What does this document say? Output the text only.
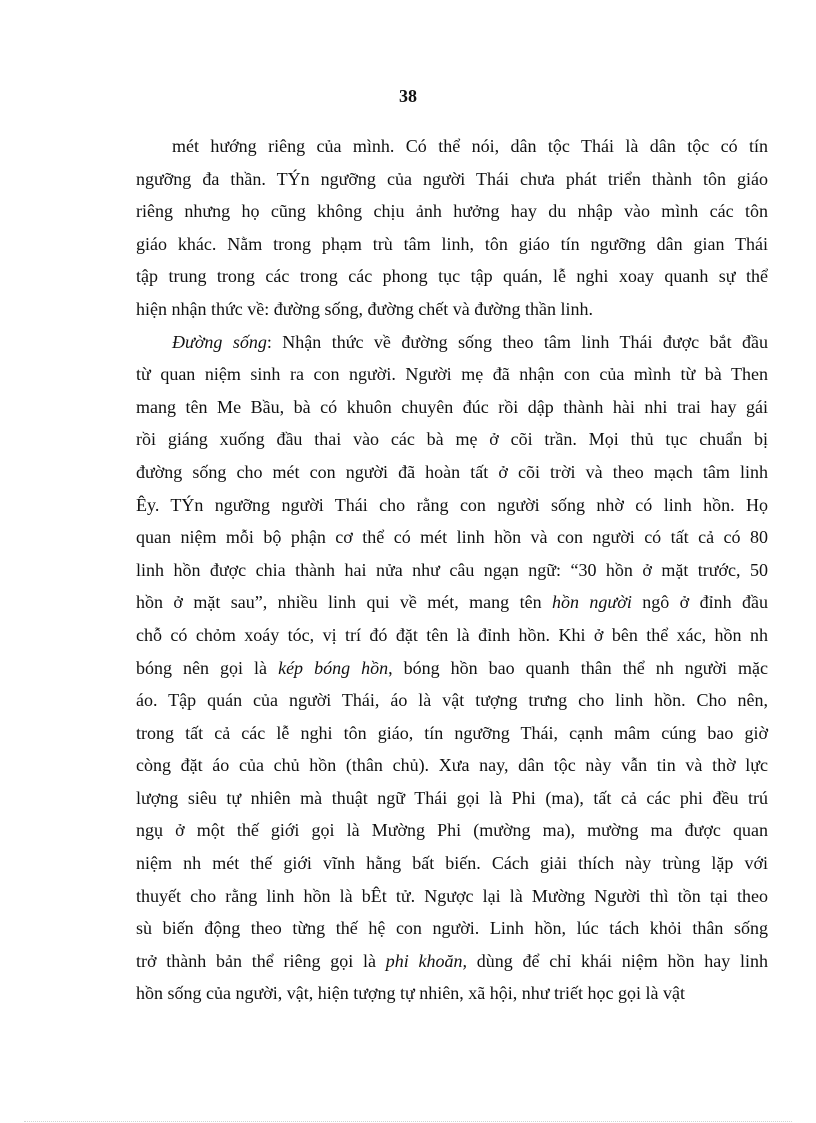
38
mét hướng riêng của mình. Có thể nói, dân tộc Thái là dân tộc có tín
ngưỡng đa thần. TÝn ngưỡng của người Thái chưa phát triển thành tôn giáo
riêng nhưng họ cũng không chịu ảnh hưởng hay du nhập vào mình các tôn
giáo khác. Nằm trong phạm trù tâm linh, tôn giáo tín ngưỡng dân gian Thái
tập trung trong các trong các phong tục tập quán, lễ nghi xoay quanh sự thể
hiện nhận thức về: đường sống, đường chết và đường thần linh.
Đường sống: Nhận thức về đường sống theo tâm linh Thái được bắt đầu
từ quan niệm sinh ra con người. Người mẹ đã nhận con của mình từ bà Then
mang tên Me Bầu, bà có khuôn chuyên đúc rồi dập thành hài nhi trai hay gái
rồi giáng xuống đầu thai vào các bà mẹ ở cõi trần. Mọi thủ tục chuẩn bị
đường sống cho mét con người đã hoàn tất ở cõi trời và theo mạch tâm linh
Êy. TÝn ngưỡng người Thái cho rằng con người sống nhờ có linh hồn. Họ
quan niệm mỗi bộ phận cơ thể có mét linh hồn và con người có tất cả có 80
linh hồn được chia thành hai nửa như câu ngạn ngữ: “30 hồn ở mặt trước, 50
hồn ở mặt sau”, nhiều linh qui về mét, mang tên hồn người ngô ở đỉnh đầu
chỗ có chỏm xoáy tóc, vị trí đó đặt tên là đỉnh hồn. Khi ở bên thể xác, hồn nh
bóng nên gọi là kép bóng hồn, bóng hồn bao quanh thân thể nh người mặc
áo. Tập quán của người Thái, áo là vật tượng trưng cho linh hồn. Cho nên,
trong tất cả các lễ nghi tôn giáo, tín ngưỡng Thái, cạnh mâm cúng bao giờ
còng đặt áo của chủ hồn (thân chủ). Xưa nay, dân tộc này vẫn tin và thờ lực
lượng siêu tự nhiên mà thuật ngữ Thái gọi là Phi (ma), tất cả các phi đều trú
ngụ ở một thế giới gọi là Mường Phi (mường ma), mường ma được quan
niệm nh mét thế giới vĩnh hằng bất biến. Cách giải thích này trùng lặp với
thuyết cho rằng linh hồn là bÊt tử. Ngược lại là Mường Người thì tồn tại theo
sù biến động theo từng thế hệ con người. Linh hồn, lúc tách khỏi thân sống
trở thành bản thể riêng gọi là phi khoăn, dùng để chỉ khái niệm hồn hay linh
hồn sống của người, vật, hiện tượng tự nhiên, xã hội, như triết học gọi là vật
